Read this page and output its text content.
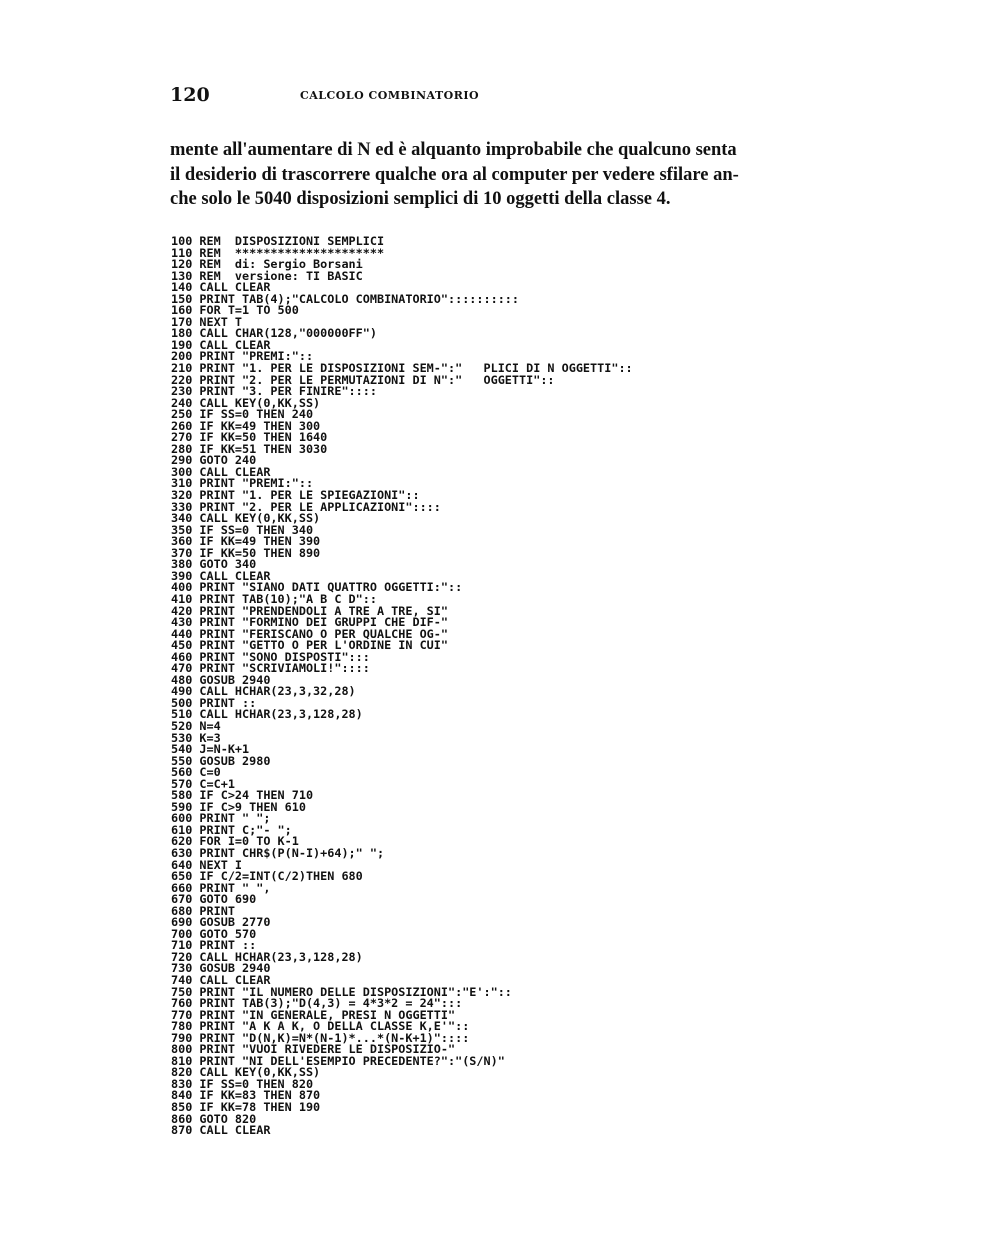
120	CALCOLO COMBINATORIO

mente all'aumentare di N ed è alquanto improbabile che qualcuno senta
il desiderio di trascorrere qualche ora al computer per vedere sfilare an-
che solo le 5040 disposizioni semplici di 10 oggetti della classe 4.

100 REM  DISPOSIZIONI SEMPLICI
110 REM  *********************
120 REM  di: Sergio Borsani
130 REM  versione: TI BASIC
140 CALL CLEAR
150 PRINT TAB(4);"CALCOLO COMBINATORIO"::::::::::
160 FOR T=1 TO 500
170 NEXT T
180 CALL CHAR(128,"000000FF")
190 CALL CLEAR
200 PRINT "PREMI:"::
210 PRINT "1. PER LE DISPOSIZIONI SEM-":"   PLICI DI N OGGETTI"::
220 PRINT "2. PER LE PERMUTAZIONI DI N":"   OGGETTI"::
230 PRINT "3. PER FINIRE"::::
240 CALL KEY(0,KK,SS)
250 IF SS=0 THEN 240
260 IF KK=49 THEN 300
270 IF KK=50 THEN 1640
280 IF KK=51 THEN 3030
290 GOTO 240
300 CALL CLEAR
310 PRINT "PREMI:"::
320 PRINT "1. PER LE SPIEGAZIONI"::
330 PRINT "2. PER LE APPLICAZIONI"::::
340 CALL KEY(0,KK,SS)
350 IF SS=0 THEN 340
360 IF KK=49 THEN 390
370 IF KK=50 THEN 890
380 GOTO 340
390 CALL CLEAR
400 PRINT "SIANO DATI QUATTRO OGGETTI:"::
410 PRINT TAB(10);"A B C D"::
420 PRINT "PRENDENDOLI A TRE A TRE, SI"
430 PRINT "FORMINO DEI GRUPPI CHE DIF-"
440 PRINT "FERISCANO O PER QUALCHE OG-"
450 PRINT "GETTO O PER L'ORDINE IN CUI"
460 PRINT "SONO DISPOSTI":::
470 PRINT "SCRIVIAMOLI!"::::
480 GOSUB 2940
490 CALL HCHAR(23,3,32,28)
500 PRINT ::
510 CALL HCHAR(23,3,128,28)
520 N=4
530 K=3
540 J=N-K+1
550 GOSUB 2980
560 C=0
570 C=C+1
580 IF C>24 THEN 710
590 IF C>9 THEN 610
600 PRINT " ";
610 PRINT C;"- ";
620 FOR I=0 TO K-1
630 PRINT CHR$(P(N-I)+64);" ";
640 NEXT I
650 IF C/2=INT(C/2)THEN 680
660 PRINT " ",
670 GOTO 690
680 PRINT
690 GOSUB 2770
700 GOTO 570
710 PRINT ::
720 CALL HCHAR(23,3,128,28)
730 GOSUB 2940
740 CALL CLEAR
750 PRINT "IL NUMERO DELLE DISPOSIZIONI":"E':"::
760 PRINT TAB(3);"D(4,3) = 4*3*2 = 24":::
770 PRINT "IN GENERALE, PRESI N OGGETTI"
780 PRINT "A K A K, O DELLA CLASSE K,E'"::
790 PRINT "D(N,K)=N*(N-1)*...*(N-K+1)"::::
800 PRINT "VUOI RIVEDERE LE DISPOSIZIO-"
810 PRINT "NI DELL'ESEMPIO PRECEDENTE?":"(S/N)"
820 CALL KEY(0,KK,SS)
830 IF SS=0 THEN 820
840 IF KK=83 THEN 870
850 IF KK=78 THEN 190
860 GOTO 820
870 CALL CLEAR
